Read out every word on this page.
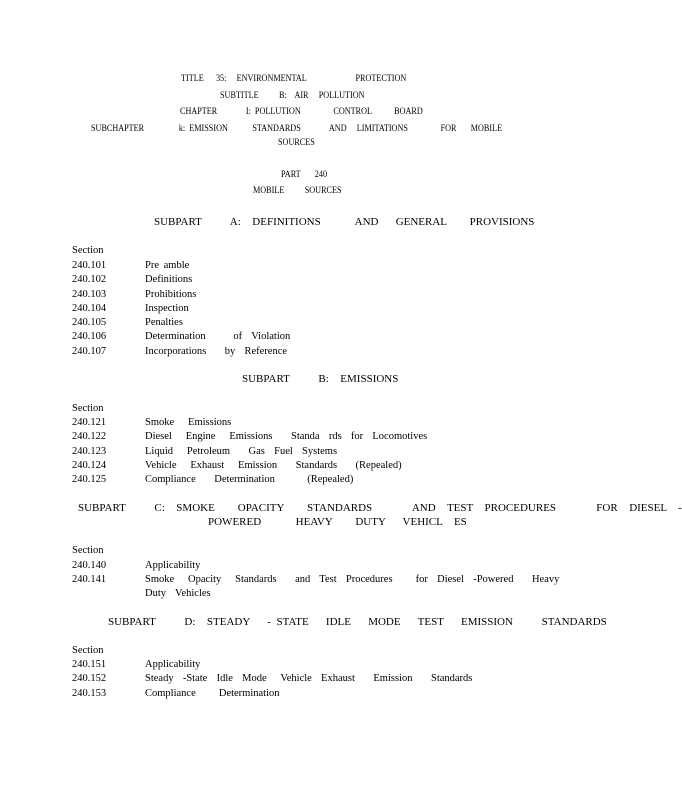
TITLE      35:     ENVIRONMENTAL                        PROTECTION
SUBTITLE          B:    AIR     POLLUTION
CHAPTER              I:  POLLUTION                CONTROL           BOARD
SUBCHAPTER                 k:  EMISSION            STANDARDS              AND     LIMITATIONS                FOR       MOBILE
SOURCES
PART       240
MOBILE          SOURCES
SUBPART     A:  DEFINITIONS      AND   GENERAL    PROVISIONS
Section
240.101	Pre amble
240.102	Definitions
240.103	Prohibitions
240.104	Inspection
240.105	Penalties
240.106	Determination      of  Violation
240.107	Incorporations    by  Reference
SUBPART     B:  EMISSIONS
Section
240.121	Smoke   Emissions
240.122	Diesel   Engine   Emissions    Standa  rds  for  Locomotives
240.123	Liquid   Petroleum    Gas  Fuel  Systems
240.124	Vehicle   Exhaust   Emission    Standards    (Repealed)
240.125	Compliance    Determination       (Repealed)
SUBPART     C:  SMOKE    OPACITY    STANDARDS       AND  TEST  PROCEDURES       FOR  DIESEL  -
POWERED      HEAVY    DUTY   VEHICL  ES
Section
240.140	Applicability
240.141	Smoke   Opacity   Standards    and  Test  Procedures     for  Diesel  -Powered    Heavy
Duty  Vehicles
SUBPART     D:  STEADY   - STATE   IDLE   MODE   TEST   EMISSION     STANDARDS
Section
240.151	Applicability
240.152	Steady  -State  Idle  Mode   Vehicle  Exhaust    Emission    Standards
240.153	Compliance     Determination
